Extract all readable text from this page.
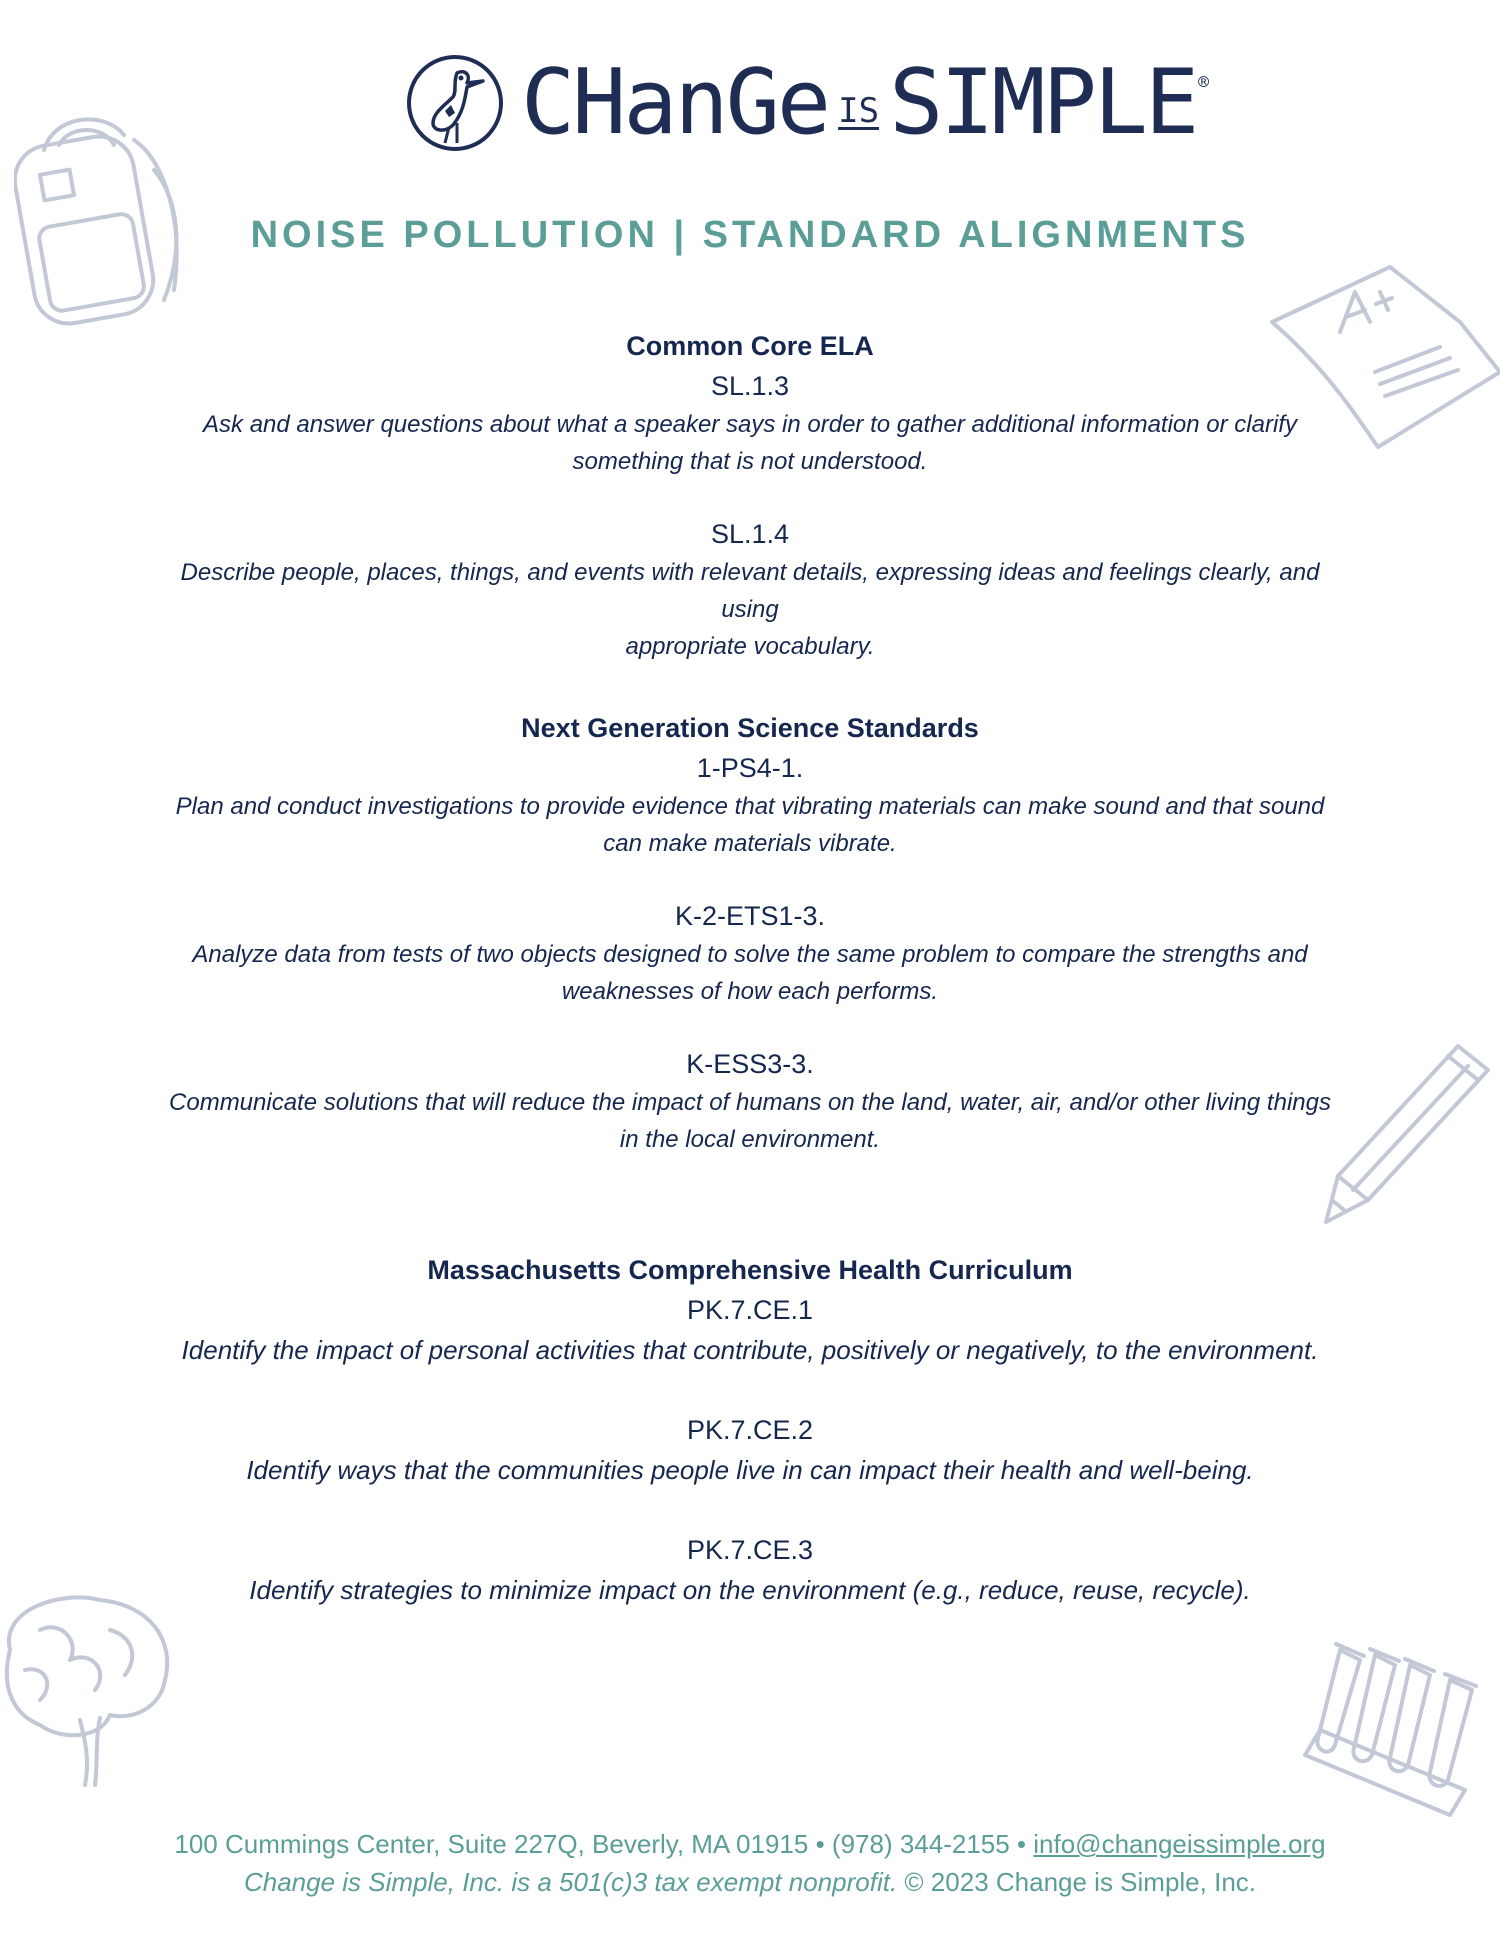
CHanGe IS SIMPLE ®
NOISE POLLUTION | STANDARD ALIGNMENTS

Common Core ELA

SL.1.3

Ask and answer questions about what a speaker says in order to gather additional information or clarify

something that is not understood.

SL.1.4

Describe people, places, things, and events with relevant details, expressing ideas and feelings clearly, and using

appropriate vocabulary.

Next Generation Science Standards

1-PS4-1.

Plan and conduct investigations to provide evidence that vibrating materials can make sound and that sound

can make materials vibrate.

K-2-ETS1-3.

Analyze data from tests of two objects designed to solve the same problem to compare the strengths and

weaknesses of how each performs.

K-ESS3-3.

Communicate solutions that will reduce the impact of humans on the land, water, air, and/or other living things

in the local environment.

Massachusetts Comprehensive Health Curriculum

PK.7.CE.1

Identify the impact of personal activities that contribute, positively or negatively, to the environment.

PK.7.CE.2

Identify ways that the communities people live in can impact their health and well-being.

PK.7.CE.3

Identify strategies to minimize impact on the environment (e.g., reduce, reuse, recycle).

100 Cummings Center, Suite 227Q, Beverly, MA 01915 • (978) 344-2155 • info@changeissimple.org
Change is Simple, Inc. is a 501(c)3 tax exempt nonprofit. © 2023 Change is Simple, Inc.
